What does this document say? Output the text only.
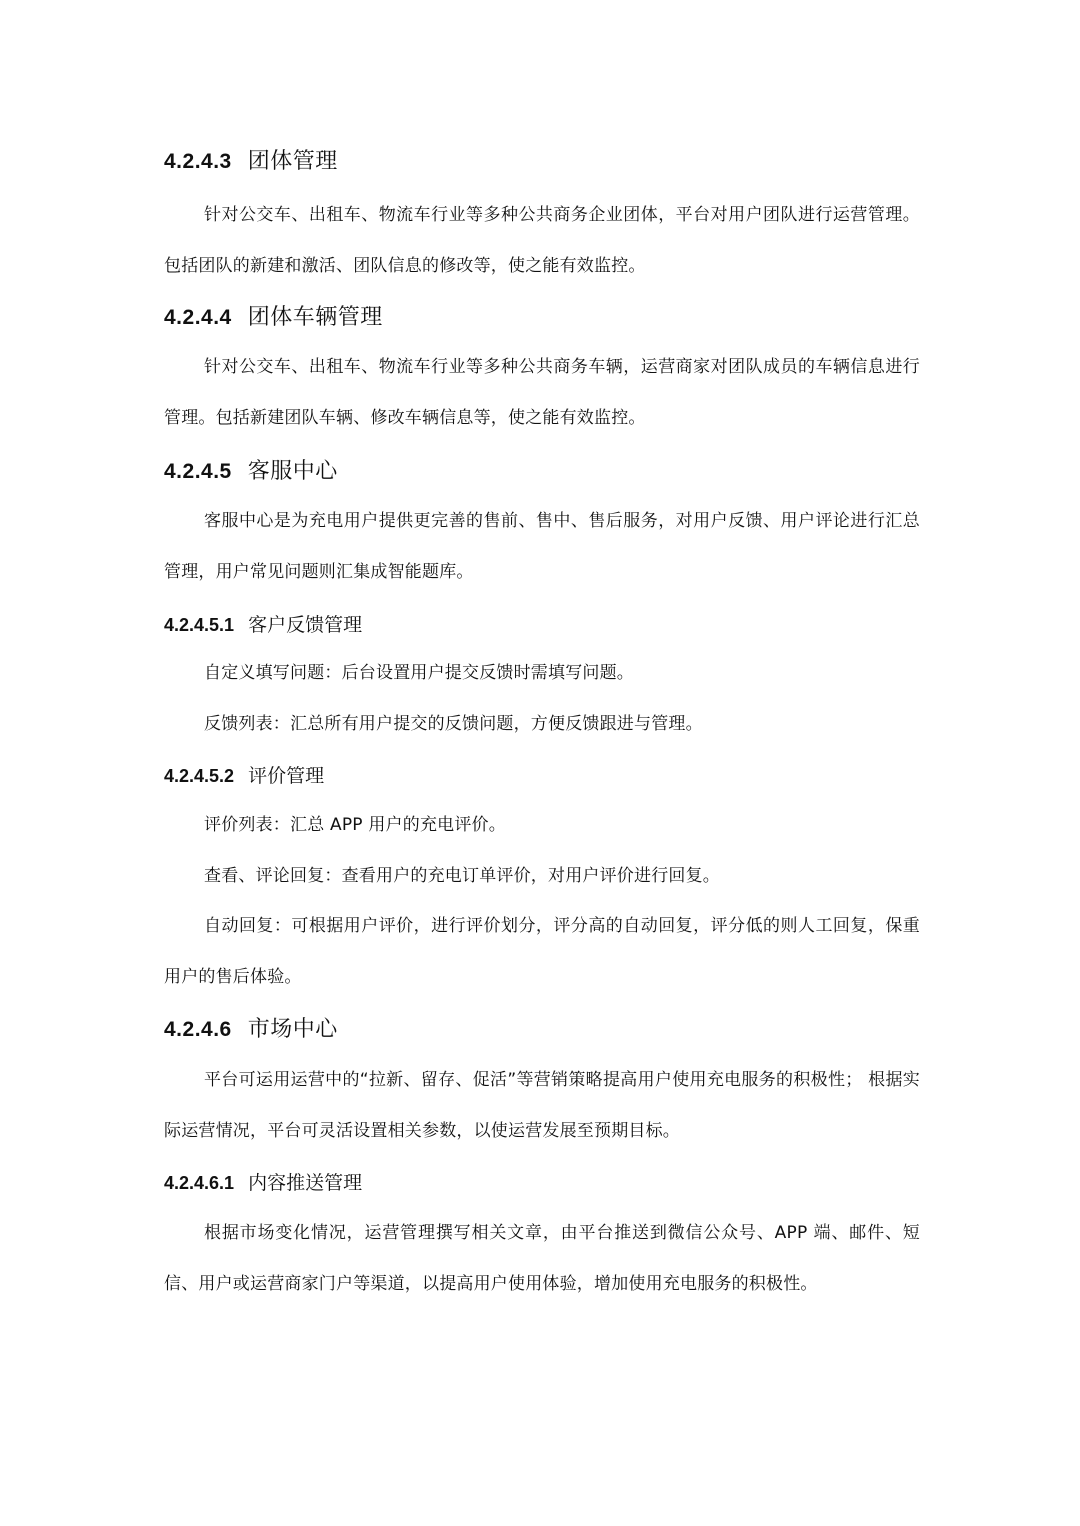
4.2.4.3 团体管理
针对公交车、出租车、物流车行业等多种公共商务企业团体，平台对用户团队进行运营管理。包括团队的新建和激活、团队信息的修改等，使之能有效监控。
4.2.4.4 团体车辆管理
针对公交车、出租车、物流车行业等多种公共商务车辆，运营商家对团队成员的车辆信息进行管理。包括新建团队车辆、修改车辆信息等，使之能有效监控。
4.2.4.5 客服中心
客服中心是为充电用户提供更完善的售前、售中、售后服务，对用户反馈、用户评论进行汇总管理，用户常见问题则汇集成智能题库。
4.2.4.5.1 客户反馈管理
自定义填写问题：后台设置用户提交反馈时需填写问题。
反馈列表：汇总所有用户提交的反馈问题，方便反馈跟进与管理。
4.2.4.5.2 评价管理
评价列表：汇总 APP 用户的充电评价。
查看、评论回复：查看用户的充电订单评价，对用户评价进行回复。
自动回复：可根据用户评价，进行评价划分，评分高的自动回复，评分低的则人工回复，保重用户的售后体验。
4.2.4.6 市场中心
平台可运用运营中的“拉新、留存、促活”等营销策略提高用户使用充电服务的积极性； 根据实际运营情况，平台可灵活设置相关参数，以使运营发展至预期目标。
4.2.4.6.1 内容推送管理
根据市场变化情况，运营管理撰写相关文章，由平台推送到微信公众号、APP 端、邮件、短信、用户或运营商家门户等渠道，以提高用户使用体验，增加使用充电服务的积极性。
